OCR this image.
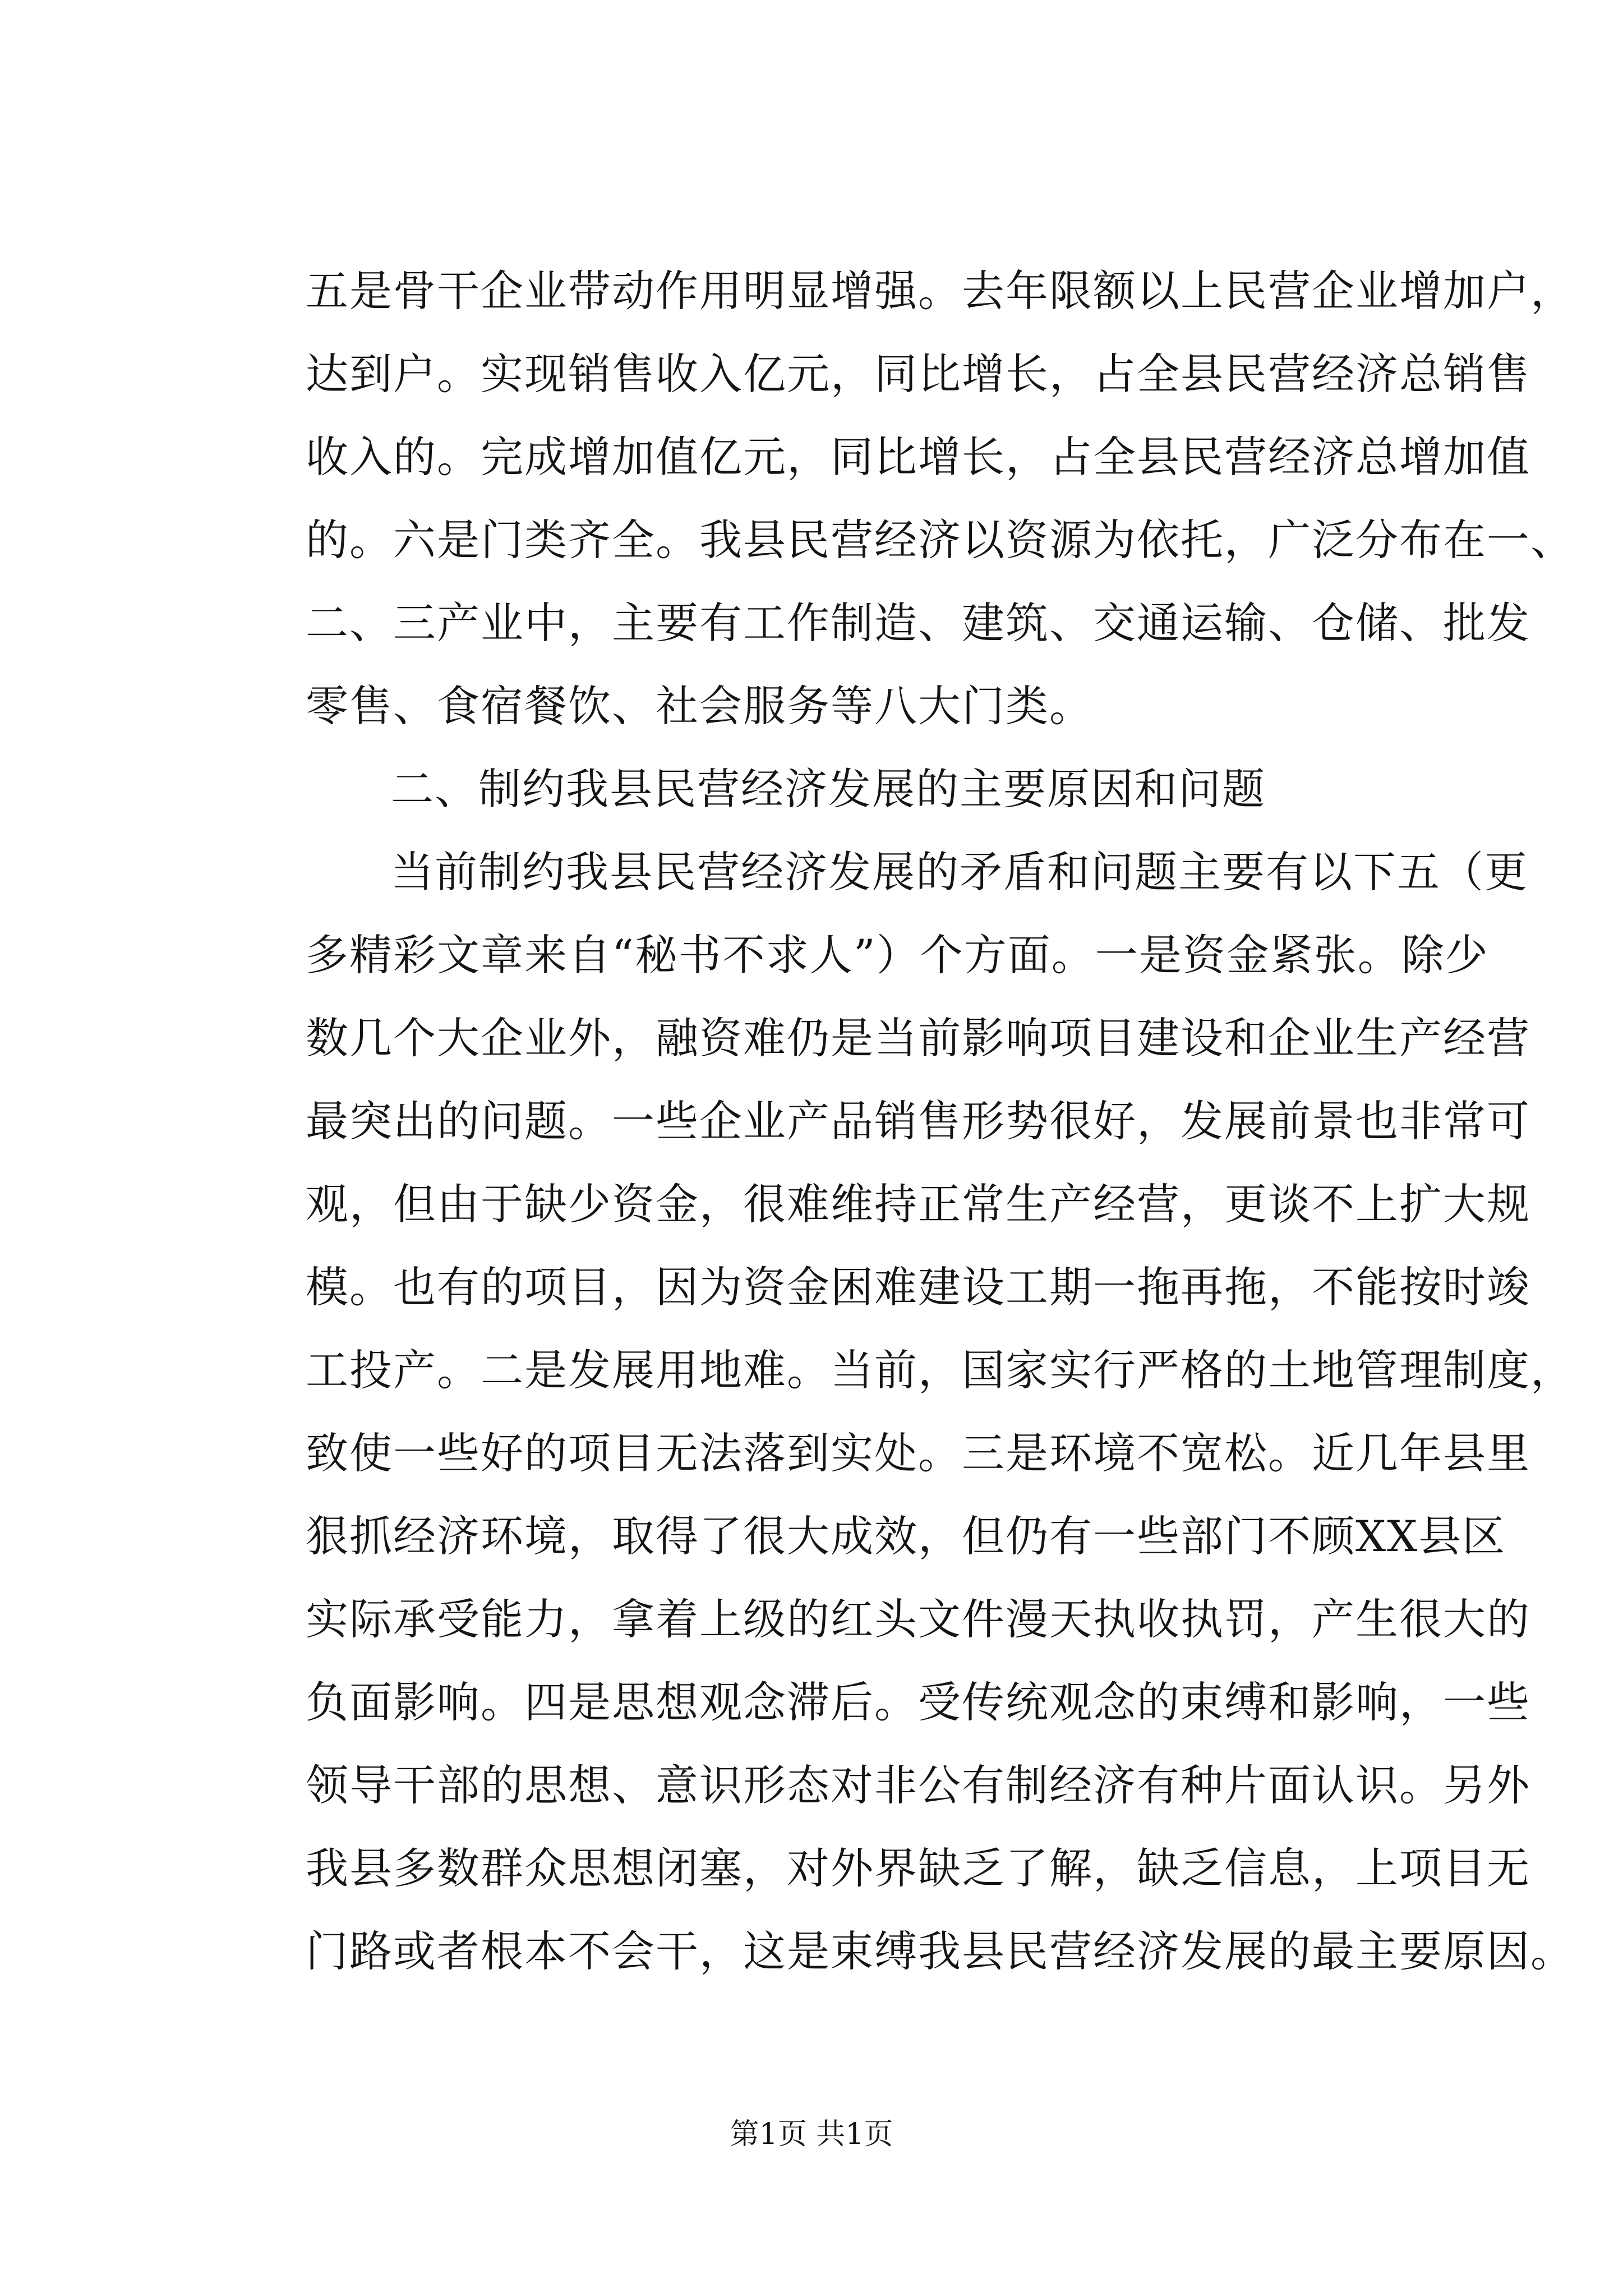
五是骨干企业带动作用明显增强。去年限额以上民营企业增加户，
达到户。实现销售收入亿元，同比增长，占全县民营经济总销售
收入的。完成增加值亿元，同比增长，占全县民营经济总增加值
的。六是门类齐全。我县民营经济以资源为依托，广泛分布在一、
二、三产业中，主要有工作制造、建筑、交通运输、仓储、批发
零售、食宿餐饮、社会服务等八大门类。
二、制约我县民营经济发展的主要原因和问题
当前制约我县民营经济发展的矛盾和问题主要有以下五（更
多精彩文章来自“秘书不求人”）个方面。一是资金紧张。除少
数几个大企业外，融资难仍是当前影响项目建设和企业生产经营
最突出的问题。一些企业产品销售形势很好，发展前景也非常可
观，但由于缺少资金，很难维持正常生产经营，更谈不上扩大规
模。也有的项目，因为资金困难建设工期一拖再拖，不能按时竣
工投产。二是发展用地难。当前，国家实行严格的土地管理制度，
致使一些好的项目无法落到实处。三是环境不宽松。近几年县里
狠抓经济环境，取得了很大成效，但仍有一些部门不顾XX县区
实际承受能力，拿着上级的红头文件漫天执收执罚，产生很大的
负面影响。四是思想观念滞后。受传统观念的束缚和影响，一些
领导干部的思想、意识形态对非公有制经济有种片面认识。另外
我县多数群众思想闭塞，对外界缺乏了解，缺乏信息，上项目无
门路或者根本不会干，这是束缚我县民营经济发展的最主要原因。
第1页 共1页
